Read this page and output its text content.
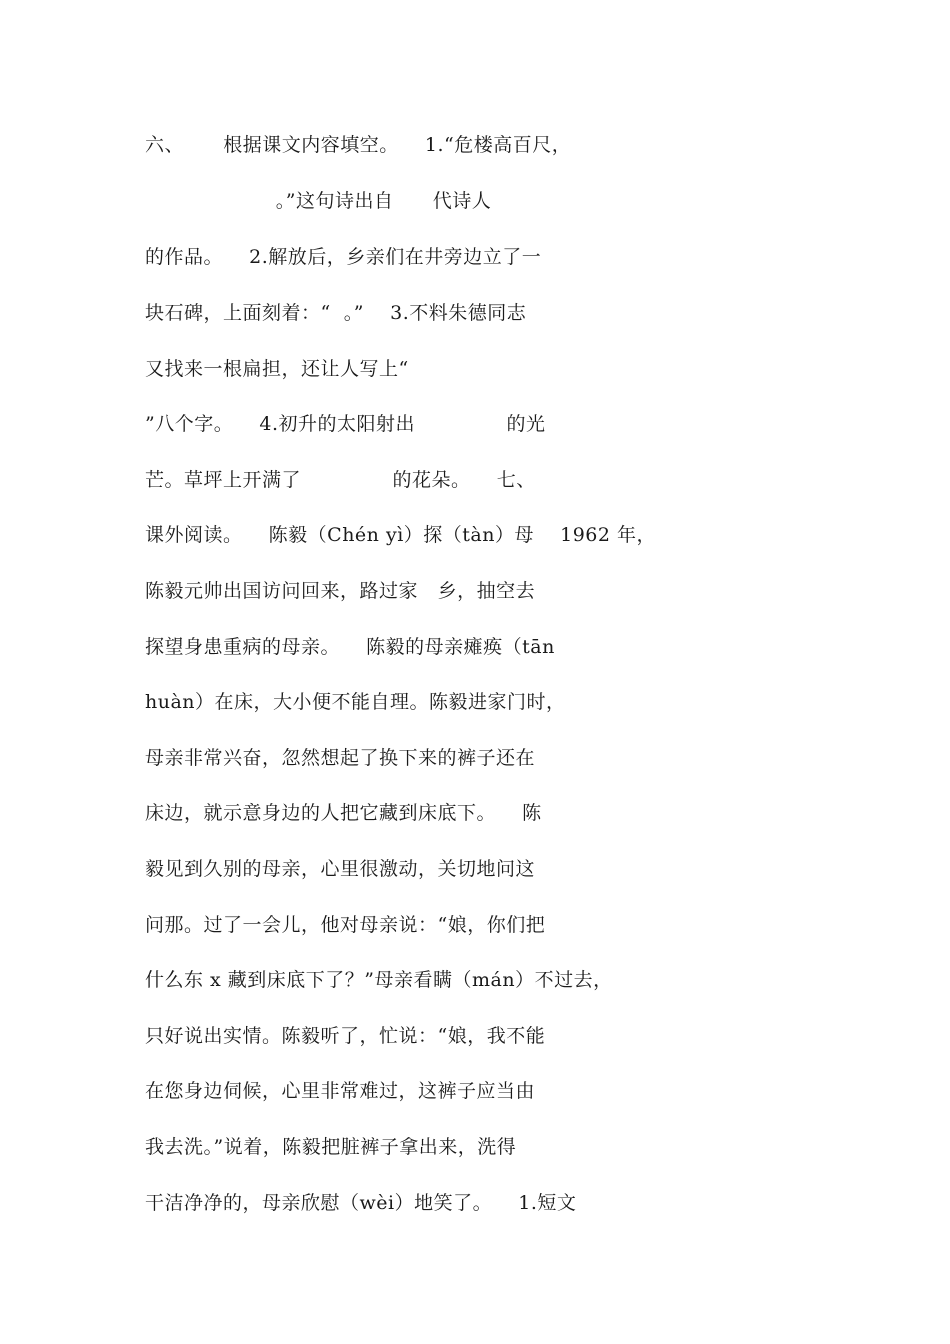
六、      根据课文内容填空。    1.“危楼高百尺，
。”这句诗出自      代诗人
的作品。    2.解放后，乡亲们在井旁边立了一
块石碑，上面刻着：“  。”    3.不料朱德同志
又找来一根扁担，还让人写上“
”八个字。    4.初升的太阳射出              的光
芒。草坪上开满了              的花朵。    七、
课外阅读。    陈毅（Chén yì）探（tàn）母    1962 年，
陈毅元帅出国访问回来，路过家   乡，抽空去
探望身患重病的母亲。    陈毅的母亲瘫痪（tān
huàn）在床，大小便不能自理。陈毅进家门时，
母亲非常兴奋，忽然想起了换下来的裤子还在
床边，就示意身边的人把它藏到床底下。    陈
毅见到久别的母亲，心里很激动，关切地问这
问那。过了一会儿，他对母亲说：“娘，你们把
什么东 x 藏到床底下了？”母亲看瞒（mán）不过去，
只好说出实情。陈毅听了，忙说：“娘，我不能
在您身边伺候，心里非常难过，这裤子应当由
我去洗。”说着，陈毅把脏裤子拿出来，洗得
干洁净净的，母亲欣慰（wèi）地笑了。    1.短文
